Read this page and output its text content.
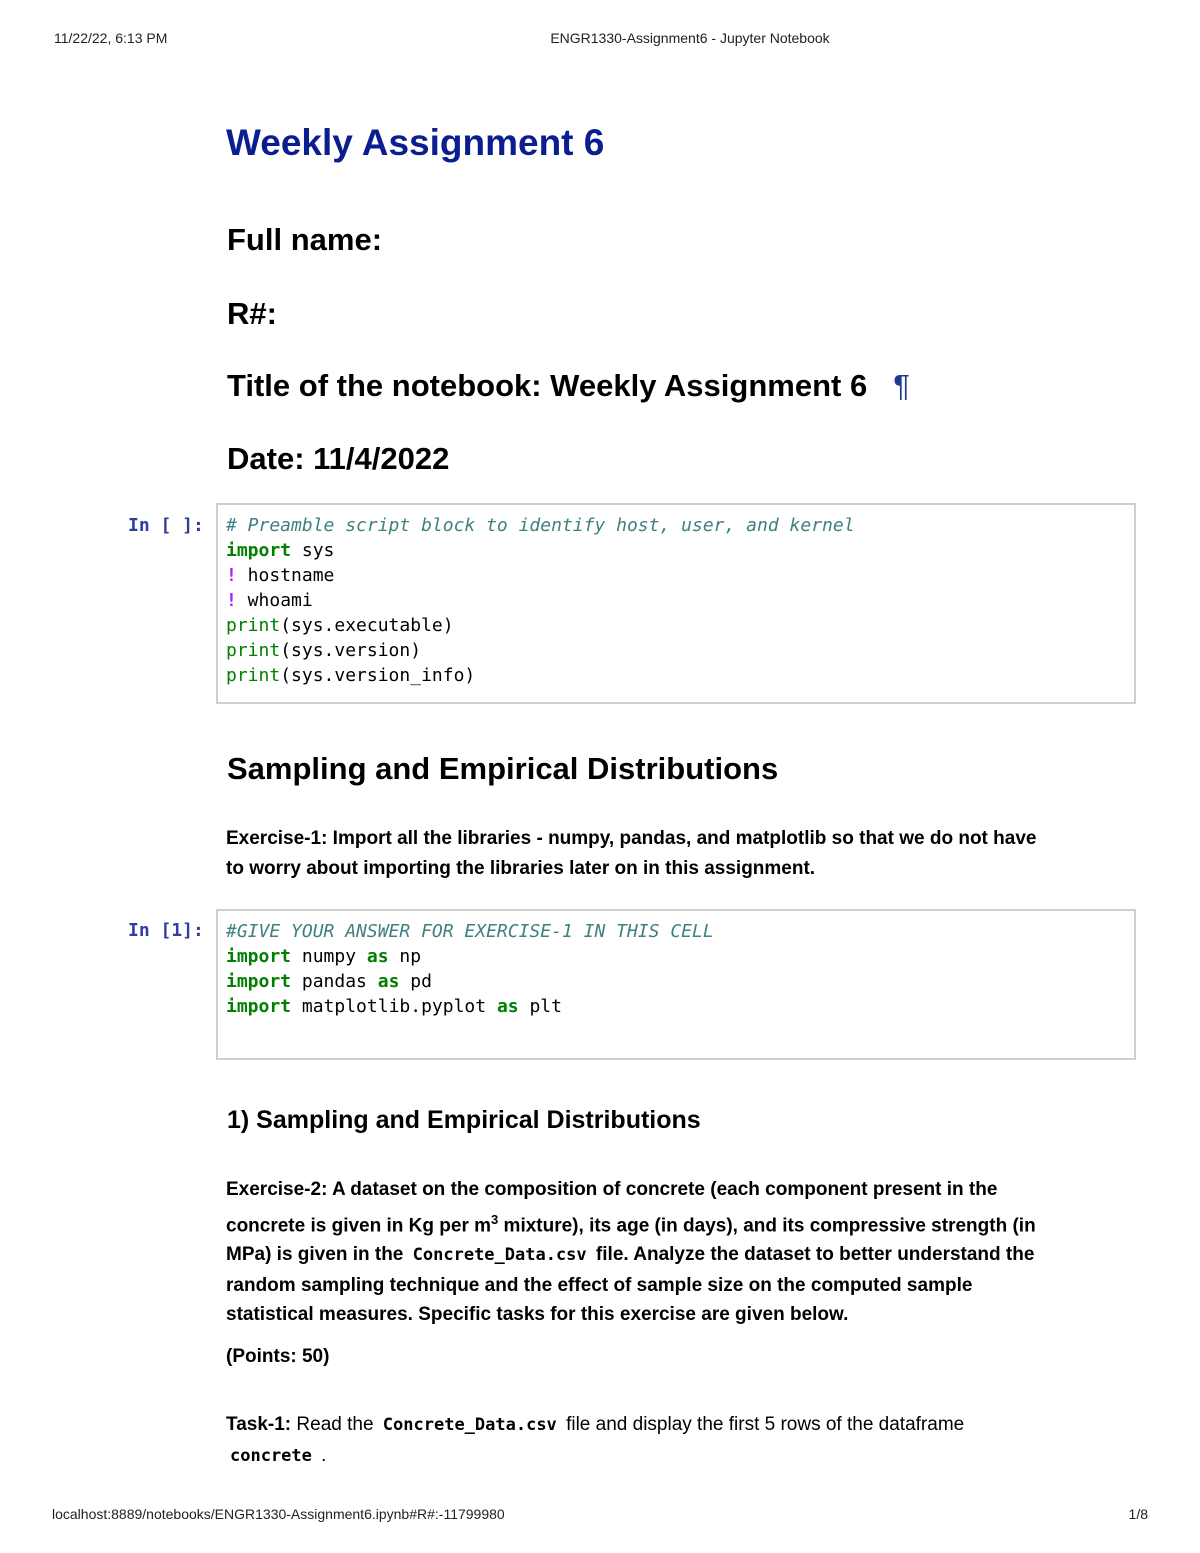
11/22/22, 6:13 PM	ENGR1330-Assignment6 - Jupyter Notebook
Weekly Assignment 6
Full name:
R#:
Title of the notebook: Weekly Assignment 6 ¶
Date: 11/4/2022
In [ ]: # Preamble script block to identify host, user, and kernel
import sys
! hostname
! whoami
print(sys.executable)
print(sys.version)
print(sys.version_info)
Sampling and Empirical Distributions
Exercise-1: Import all the libraries - numpy, pandas, and matplotlib so that we do not have
to worry about importing the libraries later on in this assignment.
In [1]: #GIVE YOUR ANSWER FOR EXERCISE-1 IN THIS CELL
import numpy as np
import pandas as pd
import matplotlib.pyplot as plt
1) Sampling and Empirical Distributions
Exercise-2: A dataset on the composition of concrete (each component present in the
concrete is given in Kg per $m^3$ mixture), its age (in days), and its compressive strength (in
MPa) is given in the Concrete_Data.csv file. Analyze the dataset to better understand the
random sampling technique and the effect of sample size on the computed sample
statistical measures. Specific tasks for this exercise are given below.
(Points: 50)
Task-1: Read the Concrete_Data.csv file and display the first 5 rows of the dataframe
concrete .
localhost:8889/notebooks/ENGR1330-Assignment6.ipynb#R#:-11799980	1/8
